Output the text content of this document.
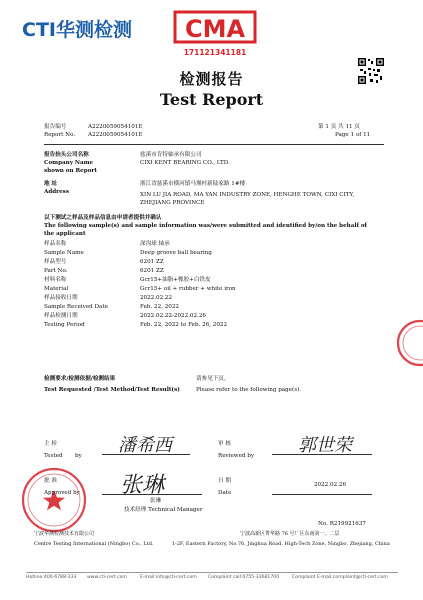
CTI华测检测 CMA
171121341181
检测报告
Test Report
报告编号	A2220059054101E
Report No. A2220059054101E
第 1 页 共 11 页
Page 1 of 11
报告抬头公司名称	慈溪市肯特轴承有限公司
Company Name	CIXI KENT BEARING CO., LTD.
shown on Report
地 址	浙江省慈溪市横河镇马堰村新陆家路 1#楼
Address	XIN LU JIA ROAD, MA YAN INDUSTRY ZONE, HENGHE TOWN, CIXI CITY,
ZHEJIANG PROVINCE
以下测试之样品及样品信息由申请者提供并确认
The following sample(s) and sample information was/were submitted and identified by/on the behalf of
the applicant
样品名称	深沟球 轴承
Sample Name	Deep groove ball bearing
样品型号	6201 ZZ
Part No.	6201 ZZ
材料名称	Gcr15+油脂+橡胶+白铁皮
Material	Gcr15+ oil + rubber + white iron
样品接收日期	2022.02.22
Sample Received Date	Feb. 22, 2022
样品检测日期	2022.02.22-2022.02.26
Testing Period	Feb. 22, 2022 to Feb. 26, 2022
检测要求/检测依据/检测结果	请参见下页。
Test Requested /Test Method/Test Result(s)	Please refer to the following page(s).
主 检
Tested by 潘希西	审 核
Reviewed by 郭世荣
批 准
Approved by 张琳
张琳
技术经理 Technical Manager
日 期
Date
2022.02.26
No. R219921637
宁波华测检测技术有限公司	宁波高新区菁华路 76 号厂区东南第一、二层
Centre Testing International (Ningbo) Co., Ltd.	1-2F, Eastern Factory, No.76, Jinghua Road, High-Tech Zone, Ningbo, Zhejiang, China
Hotline:400-6788-333 www.cti-cert.com	E-mail:info@cti-cert.com Complaint call:0755-33681700	Complaint E-mail:complaint@cti-cert.com
